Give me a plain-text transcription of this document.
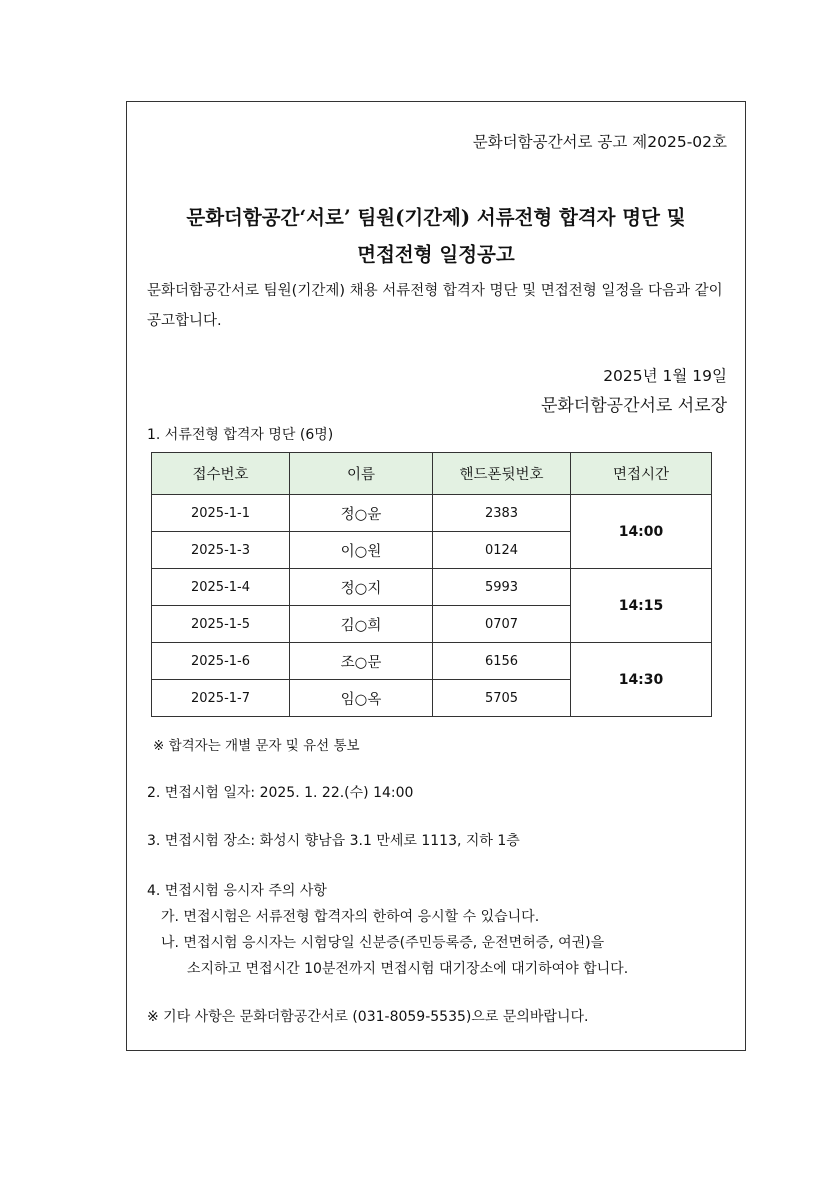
문화더함공간서로 공고 제2025-02호
문화더함공간‘서로’ 팀원(기간제) 서류전형 합격자 명단 및
면접전형 일정공고
문화더함공간서로 팀원(기간제) 채용 서류전형 합격자 명단 및 면접전형 일정을 다음과 같이 공고합니다.
2025년 1월 19일
문화더함공간서로 서로장
1. 서류전형 합격자 명단 (6명)
접수번호	이름	핸드폰뒷번호	면접시간
2025-1-1	정○윤	2383	14:00
2025-1-3	이○원	0124	
2025-1-4	정○지	5993	14:15
2025-1-5	김○희	0707	
2025-1-6	조○문	6156	14:30
2025-1-7	임○옥	5705	
※ 합격자는 개별 문자 및 유선 통보
2. 면접시험 일자: 2025. 1. 22.(수) 14:00
3. 면접시험 장소: 화성시 향남읍 3.1 만세로 1113, 지하 1층
4. 면접시험 응시자 주의 사항
가. 면접시험은 서류전형 합격자의 한하여 응시할 수 있습니다.
나. 면접시험 응시자는 시험당일 신분증(주민등록증, 운전면허증, 여권)을
소지하고 면접시간 10분전까지 면접시험 대기장소에 대기하여야 합니다.
※ 기타 사항은 문화더함공간서로 (031-8059-5535)으로 문의바랍니다.
